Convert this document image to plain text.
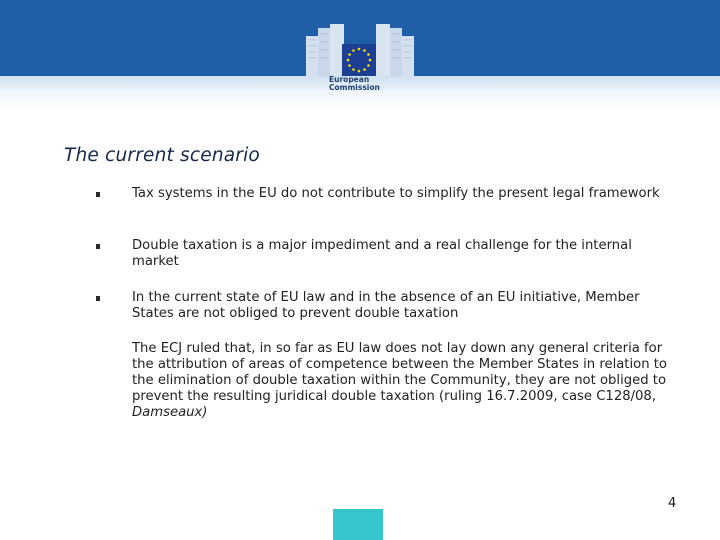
European
Commission
The current scenario
Tax systems in the EU do not contribute to simplify the present legal framework
Double taxation is a major impediment and a real challenge for the internal market
In the current state of EU law and in the absence of an EU initiative, Member States are not obliged to prevent double taxation
The ECJ ruled that, in so far as EU law does not lay down any general criteria for the attribution of areas of competence between the Member States in relation to the elimination of double taxation within the Community, they are not obliged to prevent the resulting juridical double taxation (ruling 16.7.2009, case C128/08, Damseaux)
4
